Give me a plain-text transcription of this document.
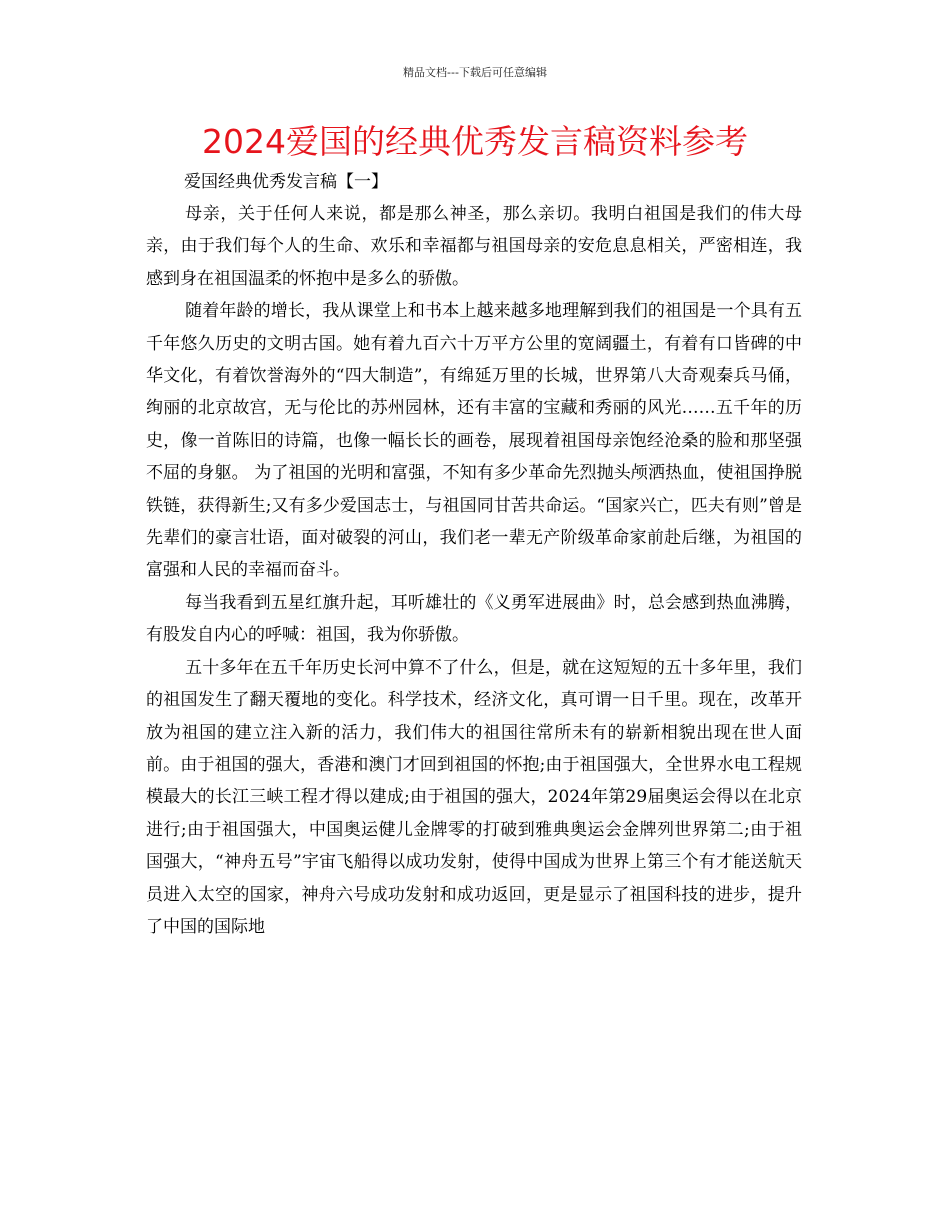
精品文档---下载后可任意编辑
2024爱国的经典优秀发言稿资料参考
爱国经典优秀发言稿【一】

母亲，关于任何人来说，都是那么神圣，那么亲切。我明白祖国是我们的伟大母亲，由于我们每个人的生命、欢乐和幸福都与祖国母亲的安危息息相关，严密相连，我感到身在祖国温柔的怀抱中是多么的骄傲。

随着年龄的增长，我从课堂上和书本上越来越多地理解到我们的祖国是一个具有五千年悠久历史的文明古国。她有着九百六十万平方公里的宽阔疆土，有着有口皆碑的中华文化，有着饮誉海外的“四大制造”，有绵延万里的长城，世界第八大奇观秦兵马俑，绚丽的北京故宫，无与伦比的苏州园林，还有丰富的宝藏和秀丽的风光……五千年的历史，像一首陈旧的诗篇，也像一幅长长的画卷，展现着祖国母亲饱经沧桑的脸和那坚强不屈的身躯。 为了祖国的光明和富强，不知有多少革命先烈抛头颅洒热血，使祖国挣脱铁链，获得新生;又有多少爱国志士，与祖国同甘苦共命运。“国家兴亡，匹夫有则”曾是先辈们的豪言壮语，面对破裂的河山，我们老一辈无产阶级革命家前赴后继，为祖国的富强和人民的幸福而奋斗。

每当我看到五星红旗升起，耳听雄壮的《义勇军进展曲》时，总会感到热血沸腾，有股发自内心的呼喊：祖国，我为你骄傲。

五十多年在五千年历史长河中算不了什么，但是，就在这短短的五十多年里，我们的祖国发生了翻天覆地的变化。科学技术，经济文化，真可谓一日千里。现在，改革开放为祖国的建立注入新的活力，我们伟大的祖国往常所未有的崭新相貌出现在世人面前。由于祖国的强大，香港和澳门才回到祖国的怀抱;由于祖国强大，全世界水电工程规模最大的长江三峡工程才得以建成;由于祖国的强大，2024年第29届奥运会得以在北京进行;由于祖国强大，中国奥运健儿金牌零的打破到雅典奥运会金牌列世界第二;由于祖国强大，“神舟五号”宇宙飞船得以成功发射，使得中国成为世界上第三个有才能送航天员进入太空的国家，神舟六号成功发射和成功返回，更是显示了祖国科技的进步，提升了中国的国际地
